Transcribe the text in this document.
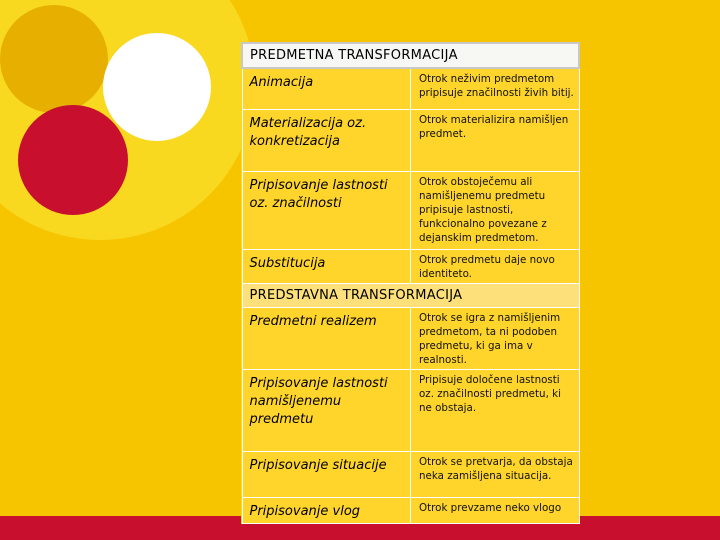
PREDMETNA TRANSFORMACIJA	

Animacija	Otrok neživim predmetom pripisuje značilnosti živih bitij.

Materializacija oz. konkretizacija	Otrok materializira namišljen predmet.

Pripisovanje lastnosti oz. značilnosti	Otrok obstoječemu ali namišljenemu predmetu pripisuje lastnosti, funkcionalno povezane z dejanskim predmetom.

Substitucija	Otrok predmetu daje novo identiteto.

PREDSTAVNA TRANSFORMACIJA	

Predmetni realizem	Otrok se igra z namišljenim predmetom, ta ni podoben predmetu, ki ga ima v realnosti.

Pripisovanje lastnosti namišljenemu predmetu	Pripisuje določene lastnosti oz. značilnosti predmetu, ki ne obstaja.

Pripisovanje situacije	Otrok se pretvarja, da obstaja neka zamišljena situacija.

Pripisovanje vlog	Otrok prevzame neko vlogo
